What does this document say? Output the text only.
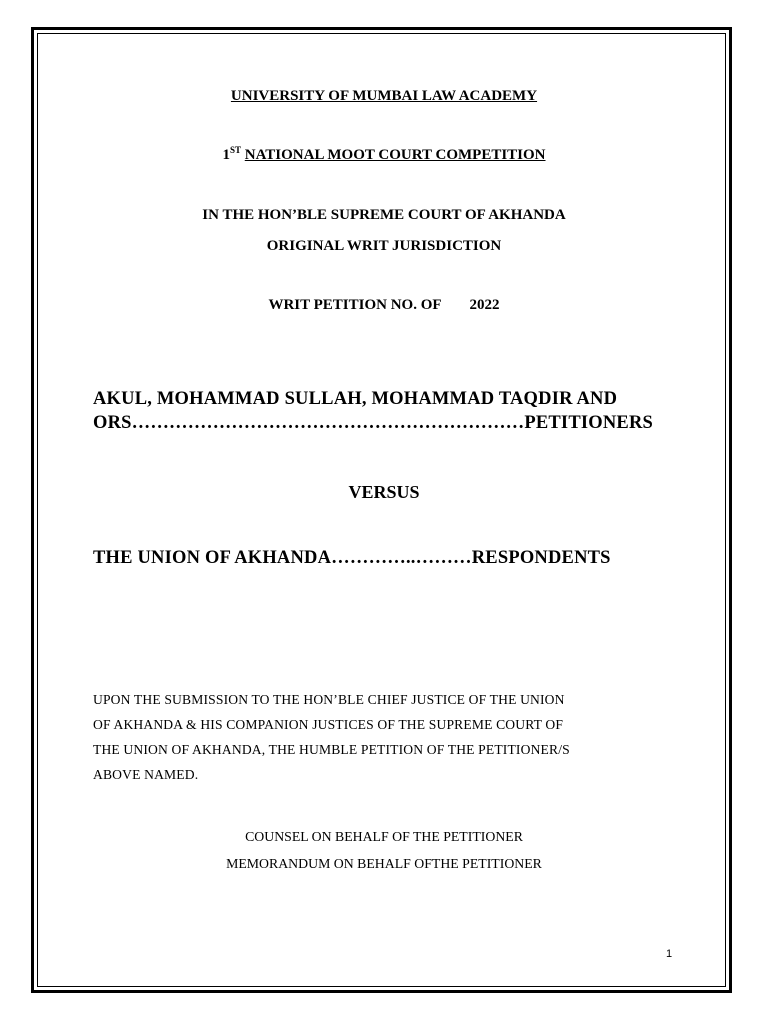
UNIVERSITY OF MUMBAI LAW ACADEMY
1ST NATIONAL MOOT COURT COMPETITION
IN THE HON’BLE SUPREME COURT OF AKHANDA
ORIGINAL WRIT JURISDICTION
WRIT PETITION NO. OF 2022
AKUL, MOHAMMAD SULLAH, MOHAMMAD TAQDIR AND
ORS………………………………………………………PETITIONERS
VERSUS
THE UNION OF AKHANDA…………..………RESPONDENTS
UPON THE SUBMISSION TO THE HON’BLE CHIEF JUSTICE OF THE UNION
OF AKHANDA & HIS COMPANION JUSTICES OF THE SUPREME COURT OF
THE UNION OF AKHANDA, THE HUMBLE PETITION OF THE PETITIONER/S
ABOVE NAMED.
COUNSEL ON BEHALF OF THE PETITIONER
MEMORANDUM ON BEHALF OFTHE PETITIONER
1
